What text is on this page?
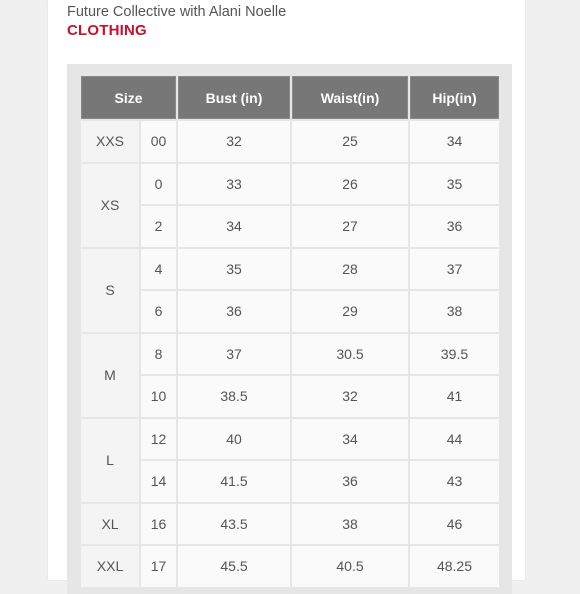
Future Collective with Alani Noelle
CLOTHING
Size		Bust (in)	Waist(in)	Hip(in)
XXS	00	32	25	34
XS	0	33	26	35
	2	34	27	36
S	4	35	28	37
	6	36	29	38
M	8	37	30.5	39.5
	10	38.5	32	41
L	12	40	34	44
	14	41.5	36	43
XL	16	43.5	38	46
XXL	17	45.5	40.5	48.25
